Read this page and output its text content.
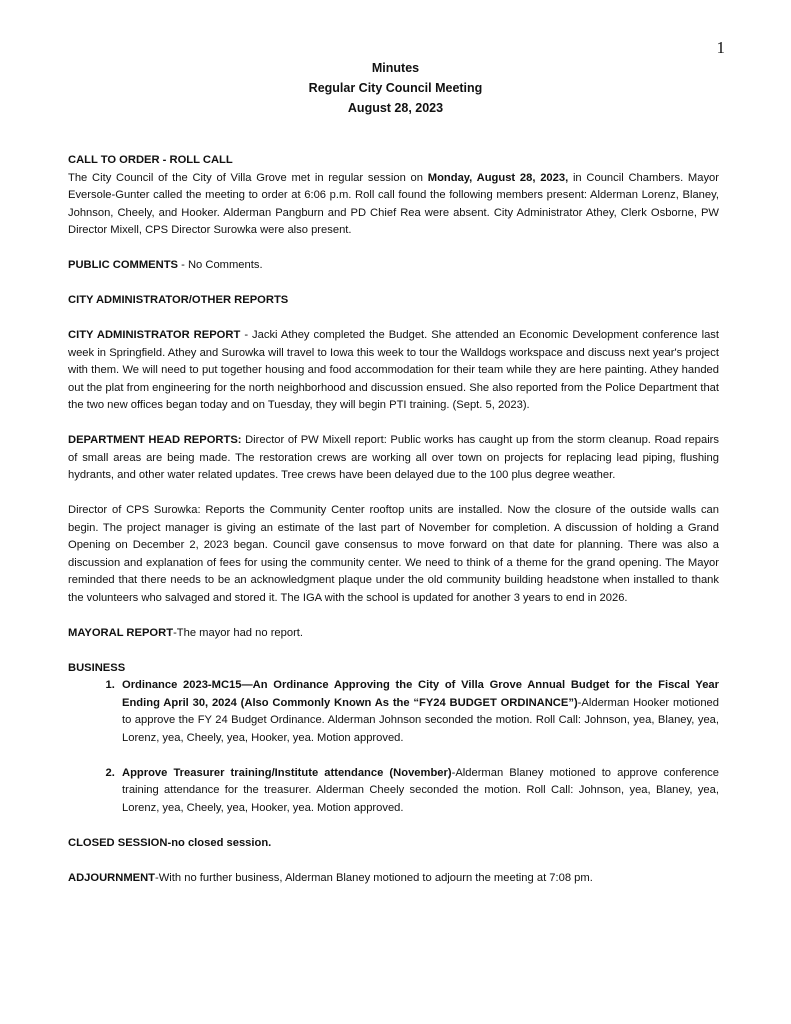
1
Minutes
Regular City Council Meeting
August 28, 2023
CALL TO ORDER - ROLL CALL

The City Council of the City of Villa Grove met in regular session on Monday, August 28, 2023, in Council Chambers. Mayor Eversole-Gunter called the meeting to order at 6:06 p.m. Roll call found the following members present: Alderman Lorenz, Blaney, Johnson, Cheely, and Hooker. Alderman Pangburn and PD Chief Rea were absent. City Administrator Athey, Clerk Osborne, PW Director Mixell, CPS Director Surowka were also present.

PUBLIC COMMENTS - No Comments.

CITY ADMINISTRATOR/OTHER REPORTS

CITY ADMINISTRATOR REPORT - Jacki Athey completed the Budget. She attended an Economic Development conference last week in Springfield. Athey and Surowka will travel to Iowa this week to tour the Walldogs workspace and discuss next year's project with them. We will need to put together housing and food accommodation for their team while they are here painting. Athey handed out the plat from engineering for the north neighborhood and discussion ensued. She also reported from the Police Department that the two new offices began today and on Tuesday, they will begin PTI training. (Sept. 5, 2023).

DEPARTMENT HEAD REPORTS: Director of PW Mixell report: Public works has caught up from the storm cleanup. Road repairs of small areas are being made. The restoration crews are working all over town on projects for replacing lead piping, flushing hydrants, and other water related updates. Tree crews have been delayed due to the 100 plus degree weather.

Director of CPS Surowka: Reports the Community Center rooftop units are installed. Now the closure of the outside walls can begin. The project manager is giving an estimate of the last part of November for completion. A discussion of holding a Grand Opening on December 2, 2023 began. Council gave consensus to move forward on that date for planning. There was also a discussion and explanation of fees for using the community center. We need to think of a theme for the grand opening. The Mayor reminded that there needs to be an acknowledgment plaque under the old community building headstone when installed to thank the volunteers who salvaged and stored it. The IGA with the school is updated for another 3 years to end in 2026.

MAYORAL REPORT-The mayor had no report.

BUSINESS
1. Ordinance 2023-MC15—An Ordinance Approving the City of Villa Grove Annual Budget for the Fiscal Year Ending April 30, 2024 (Also Commonly Known As the “FY24 BUDGET ORDINANCE”)-Alderman Hooker motioned to approve the FY 24 Budget Ordinance. Alderman Johnson seconded the motion. Roll Call: Johnson, yea, Blaney, yea, Lorenz, yea, Cheely, yea, Hooker, yea. Motion approved.
2. Approve Treasurer training/Institute attendance (November)-Alderman Blaney motioned to approve conference training attendance for the treasurer. Alderman Cheely seconded the motion. Roll Call: Johnson, yea, Blaney, yea, Lorenz, yea, Cheely, yea, Hooker, yea. Motion approved.
CLOSED SESSION-no closed session.

ADJOURNMENT-With no further business, Alderman Blaney motioned to adjourn the meeting at 7:08 pm.
